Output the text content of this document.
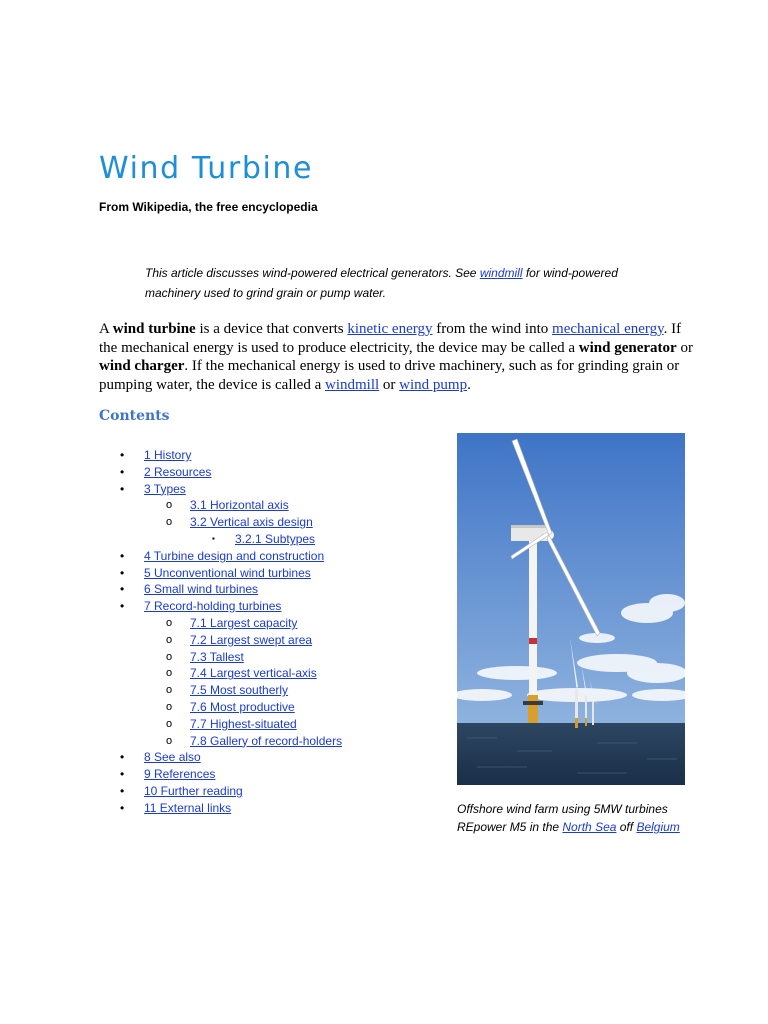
Wind Turbine

From Wikipedia, the free encyclopedia

This article discusses wind-powered electrical generators. See windmill for wind-powered machinery used to grind grain or pump water.

A wind turbine is a device that converts kinetic energy from the wind into mechanical energy. If the mechanical energy is used to produce electricity, the device may be called a wind generator or wind charger. If the mechanical energy is used to drive machinery, such as for grinding grain or pumping water, the device is called a windmill or wind pump.

Contents
• 1 History
• 2 Resources
• 3 Types
o 3.1 Horizontal axis
o 3.2 Vertical axis design
▪ 3.2.1 Subtypes
• 4 Turbine design and construction
• 5 Unconventional wind turbines
• 6 Small wind turbines
• 7 Record-holding turbines
o 7.1 Largest capacity
o 7.2 Largest swept area
o 7.3 Tallest
o 7.4 Largest vertical-axis
o 7.5 Most southerly
o 7.6 Most productive
o 7.7 Highest-situated
o 7.8 Gallery of record-holders
• 8 See also
• 9 References
• 10 Further reading
• 11 External links	Offshore wind farm using 5MW turbines REpower M5 in the North Sea off Belgium
